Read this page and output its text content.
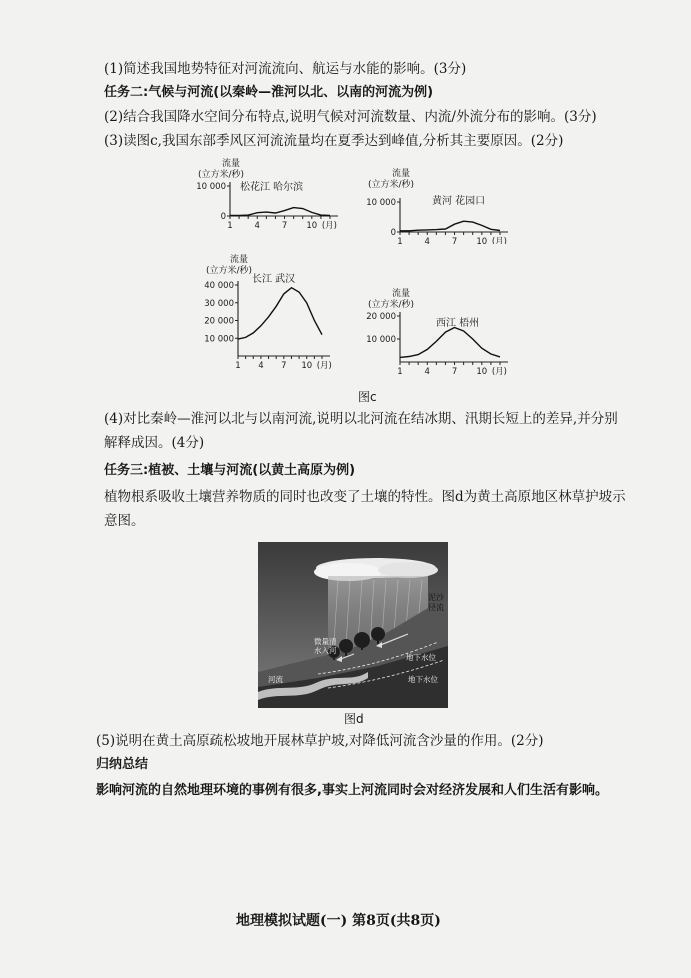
(1)简述我国地势特征对河流流向、航运与水能的影响。(3分)
任务二:气候与河流(以秦岭—淮河以北、以南的河流为例)
(2)结合我国降水空间分布特点,说明气候对河流数量、内流/外流分布的影响。(3分)
(3)读图c,我国东部季风区河流流量均在夏季达到峰值,分析其主要原因。(2分)
流量
(立方米/秒)
10 000
0
1	4	7 10 (月)
松花江 哈尔滨
流量
(立方米/秒)
10 000
0
1	4	7 10 (月)
黄河 花园口
流量
(立方米/秒)
40 000
30 000
20 000
10 000
1 4 7 10 (月)
长江 武汉
流量
(立方米/秒)
20 000
10 000
1	4	7 10 (月)
西江 梧州
图c
(4)对比秦岭—淮河以北与以南河流,说明以北河流在结冰期、汛期长短上的差异,并分别
解释成因。(4分)
任务三:植被、土壤与河流(以黄土高原为例)
植物根系吸收土壤营养物质的同时也改变了土壤的特性。图d为黄土高原地区林草护坡示
意图。
泥沙
径流
微量清
水入河
地下水位
地下水位
河流
图d
(5)说明在黄土高原疏松坡地开展林草护坡,对降低河流含沙量的作用。(2分)
归纳总结
影响河流的自然地理环境的事例有很多,事实上河流同时会对经济发展和人们生活有影响。
地理模拟试题(一) 第8页(共8页)
